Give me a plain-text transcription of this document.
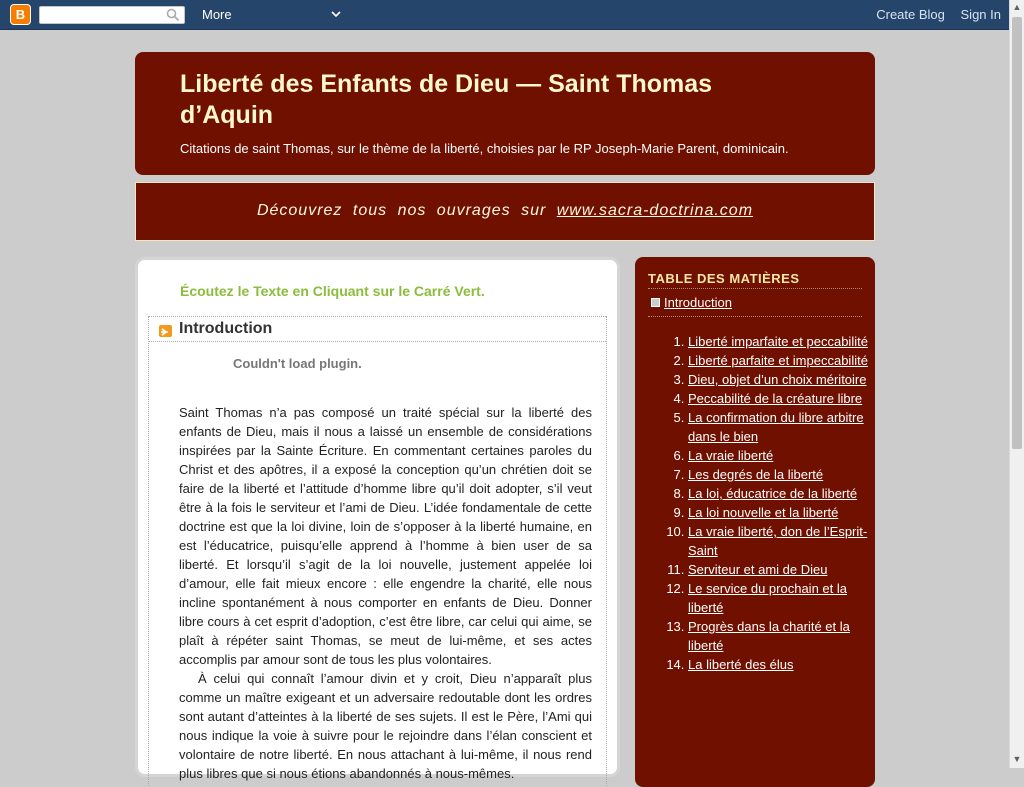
B	More	Create Blog Sign In ▲
▼
Liberté des Enfants de Dieu — Saint Thomas d’Aquin
Citations de saint Thomas, sur le thème de la liberté, choisies par le RP Joseph-Marie Parent, dominicain.
Découvrez tous nos ouvrages sur www.sacra-doctrina.com
Écoutez le Texte en Cliquant sur le Carré Vert.
Introduction
Couldn't load plugin.

Saint Thomas n’a pas composé un traité spécial sur la liberté des enfants de Dieu, mais il nous a laissé un ensemble de considérations inspirées par la Sainte Écriture. En commentant certaines paroles du Christ et des apôtres, il a exposé la conception qu’un chrétien doit se faire de la liberté et l’attitude d’homme libre qu’il doit adopter, s’il veut être à la fois le serviteur et l’ami de Dieu. L’idée fondamentale de cette doctrine est que la loi divine, loin de s’opposer à la liberté humaine, en est l’éducatrice, puisqu’elle apprend à l’homme à bien user de sa liberté. Et lorsqu’il s’agit de la loi nouvelle, justement appelée loi d’amour, elle fait mieux encore : elle engendre la charité, elle nous incline spontanément à nous comporter en enfants de Dieu. Donner libre cours à cet esprit d’adoption, c’est être libre, car celui qui aime, se plaît à répéter saint Thomas, se meut de lui-même, et ses actes accomplis par amour sont de tous les plus volontaires.

À celui qui connaît l’amour divin et y croit, Dieu n’apparaît plus comme un maître exigeant et un adversaire redoutable dont les ordres sont autant d’atteintes à la liberté de ses sujets. Il est le Père, l’Ami qui nous indique la voie à suivre pour le rejoindre dans l’élan conscient et volontaire de notre liberté. En nous attachant à lui-même, il nous rend plus libres que si nous étions abandonnés à nous-mêmes.

TABLE DES MATIÈRES
Introduction
1. Liberté imparfaite et peccabilité
2. Liberté parfaite et impeccabilité
3. Dieu, objet d’un choix méritoire
4. Peccabilité de la créature libre
5. La confirmation du libre arbitre dans le bien
6. La vraie liberté
7. Les degrés de la liberté
8. La loi, éducatrice de la liberté
9. La loi nouvelle et la liberté
10. La vraie liberté, don de l’Esprit-Saint
11. Serviteur et ami de Dieu
12. Le service du prochain et la liberté
13. Progrès dans la charité et la liberté
14. La liberté des élus
